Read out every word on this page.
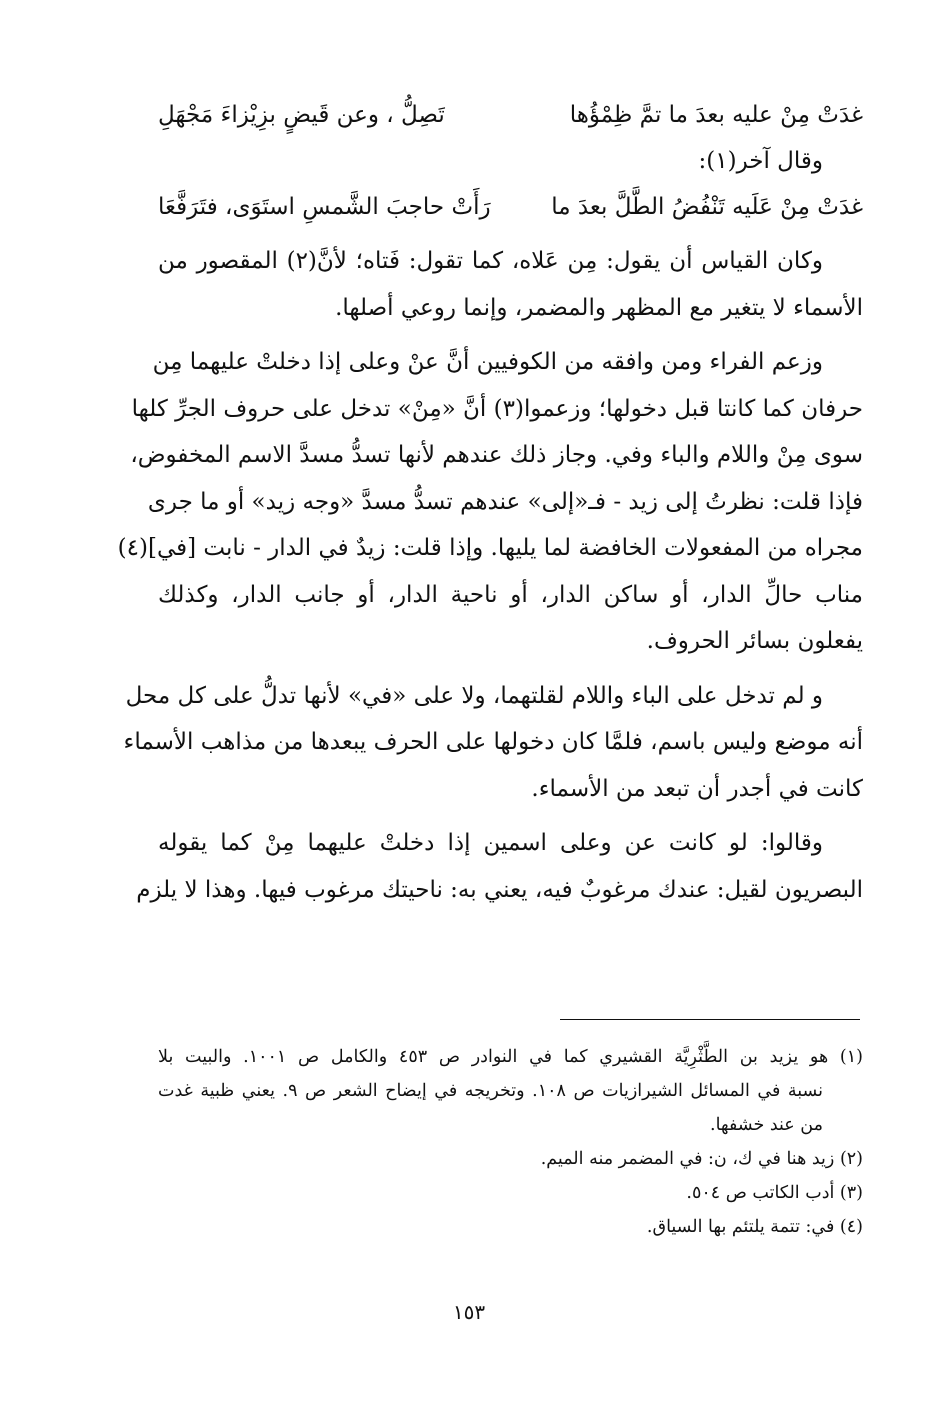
غدَتْ مِنْ عليه بعدَ ما تمَّ ظِمْؤُها
تَصِلُّ ، وعن قَيضٍ بزِيْزاءَ مَجْهَلِ
وقال آخر(١):
غدَتْ مِنْ عَلَيه تَنْفُضُ الطَّلَّ بعدَ ما
رَأَتْ حاجبَ الشَّمسِ استَوَى، فتَرَفَّعَا
وكان القياس أن يقول: مِن عَلاه، كما تقول: فَتاه؛ لأنَّ(٢) المقصور من
الأسماء لا يتغير مع المظهر والمضمر، وإنما روعي أصلها.
وزعم الفراء ومن وافقه من الكوفيين أنَّ عنْ وعلى إذا دخلتْ عليهما مِن
حرفان كما كانتا قبل دخولها؛ وزعموا(٣) أنَّ «مِنْ» تدخل على حروف الجرِّ كلها
سوى مِنْ واللام والباء وفي. وجاز ذلك عندهم لأنها تسدُّ مسدَّ الاسم المخفوض،
فإذا قلت: نظرتُ إلى زيد - فـ«إلى» عندهم تسدُّ مسدَّ «وجه زيد» أو ما جرى
مجراه من المفعولات الخافضة لما يليها. وإذا قلت: زيدٌ في الدار - نابت [في](٤)
مناب حالِّ الدار، أو ساكن الدار، أو ناحية الدار، أو جانب الدار، وكذلك
يفعلون بسائر الحروف.
و لم تدخل على الباء واللام لقلتهما، ولا على «في» لأنها تدلُّ على كل محل
أنه موضع وليس باسم، فلمَّا كان دخولها على الحرف يبعدها من مذاهب الأسماء
كانت في أجدر أن تبعد من الأسماء.
وقالوا: لو كانت عن وعلى اسمين إذا دخلتْ عليهما مِنْ كما يقوله
البصريون لقيل: عندك مرغوبٌ فيه، يعني به: ناحيتك مرغوب فيها. وهذا لا يلزم
(١) هو يزيد بن الطَّثْرِيَّة القشيري كما في النوادر ص ٤٥٣ والكامل ص ١٠٠١. والبيت بلا
نسبة في المسائل الشيرازيات ص ١٠٨. وتخريجه في إيضاح الشعر ص ٩. يعني ظبية غدت
من عند خشفها.
(٢) زيد هنا في ك، ن: في المضمر منه الميم.
(٣) أدب الكاتب ص ٥٠٤.
(٤) في: تتمة يلتئم بها السياق.
١٥٣
